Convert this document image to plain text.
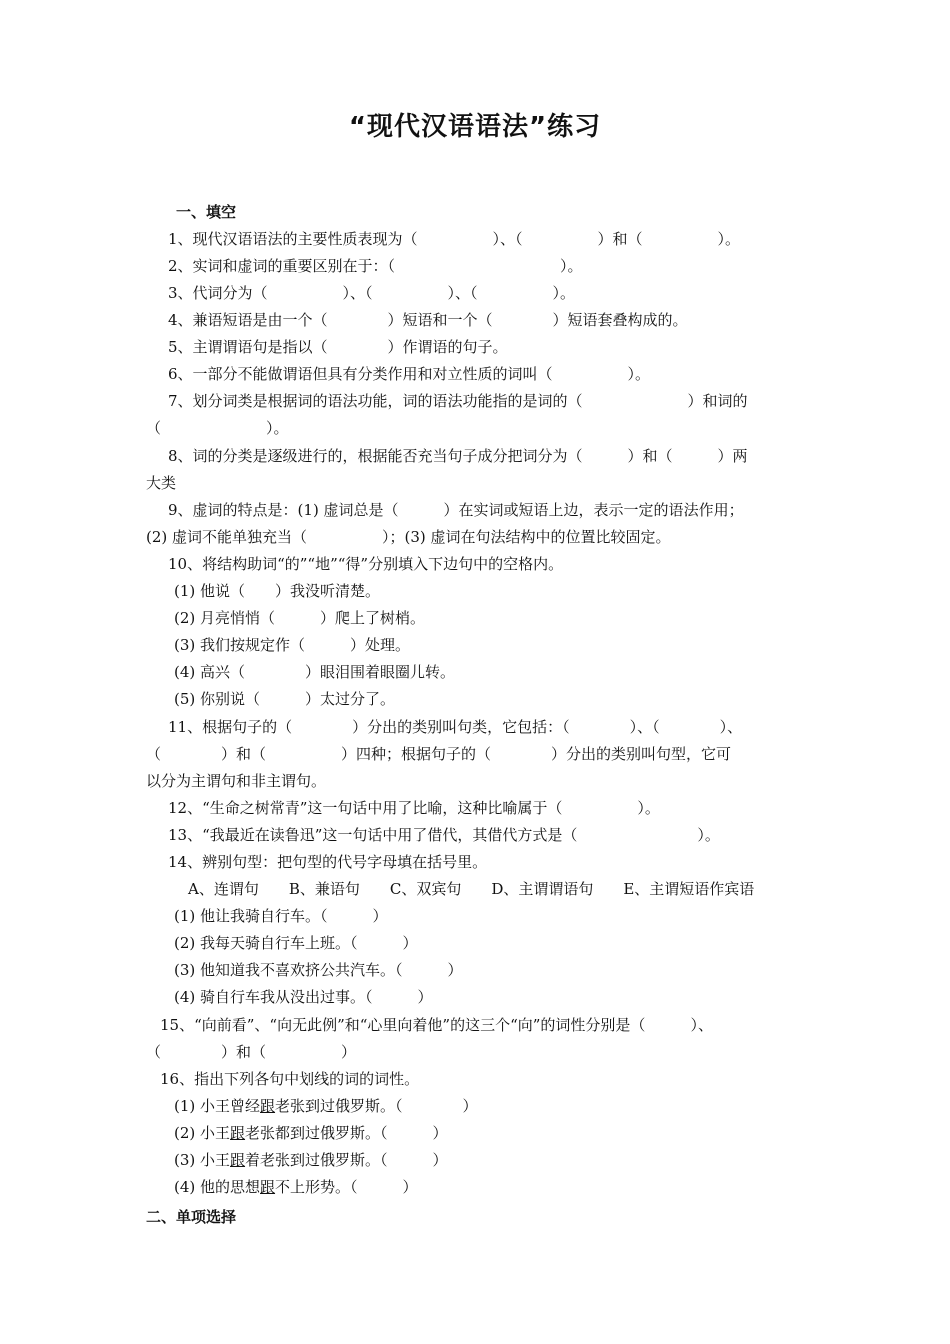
“现代汉语语法”练习
一、填空
1、现代汉语语法的主要性质表现为（　　　　　）、（　　　　　）和（　　　　　）。
2、实词和虚词的重要区别在于：（　　　　　　　　　　　）。
3、代词分为（　　　　　）、（　　　　　）、（　　　　　）。
4、兼语短语是由一个（　　　　）短语和一个（　　　　）短语套叠构成的。
5、主谓谓语句是指以（　　　　）作谓语的句子。
6、一部分不能做谓语但具有分类作用和对立性质的词叫（　　　　　）。
7、划分词类是根据词的语法功能，词的语法功能指的是词的（　　　　　　　）和词的
（　　　　　　　）。
8、词的分类是逐级进行的，根据能否充当句子成分把词分为（　　　）和（　　　）两
大类
9、虚词的特点是：(1) 虚词总是（　　　）在实词或短语上边，表示一定的语法作用；
(2) 虚词不能单独充当（　　　　　）；(3) 虚词在句法结构中的位置比较固定。
10、将结构助词“的”“地”“得”分别填入下边句中的空格内。
(1) 他说（　　）我没听清楚。
(2) 月亮悄悄（　　　）爬上了树梢。
(3) 我们按规定作（　　　）处理。
(4) 高兴（　　　　）眼泪围着眼圈儿转。
(5) 你别说（　　　）太过分了。
11、根据句子的（　　　　）分出的类别叫句类，它包括：（　　　　）、（　　　　）、
（　　　　）和（　　　　　）四种；根据句子的（　　　　）分出的类别叫句型，它可
以分为主谓句和非主谓句。
12、“生命之树常青”这一句话中用了比喻，这种比喻属于（　　　　　）。
13、“我最近在读鲁迅”这一句话中用了借代，其借代方式是（　　　　　　　　）。
14、辨别句型：把句型的代号字母填在括号里。
A、连谓句　　B、兼语句　　C、双宾句　　D、主谓谓语句　　E、主谓短语作宾语
(1) 他让我骑自行车。（　　　）
(2) 我每天骑自行车上班。（　　　）
(3) 他知道我不喜欢挤公共汽车。（　　　）
(4) 骑自行车我从没出过事。（　　　）
15、“向前看”、“向无此例”和“心里向着他”的这三个“向”的词性分别是（　　　）、
（　　　　）和（　　　　　）
16、指出下列各句中划线的词的词性。
(1) 小王曾经跟老张到过俄罗斯。（　　　　）
(2) 小王跟老张都到过俄罗斯。（　　　）
(3) 小王跟着老张到过俄罗斯。（　　　）
(4) 他的思想跟不上形势。（　　　）
二、单项选择
